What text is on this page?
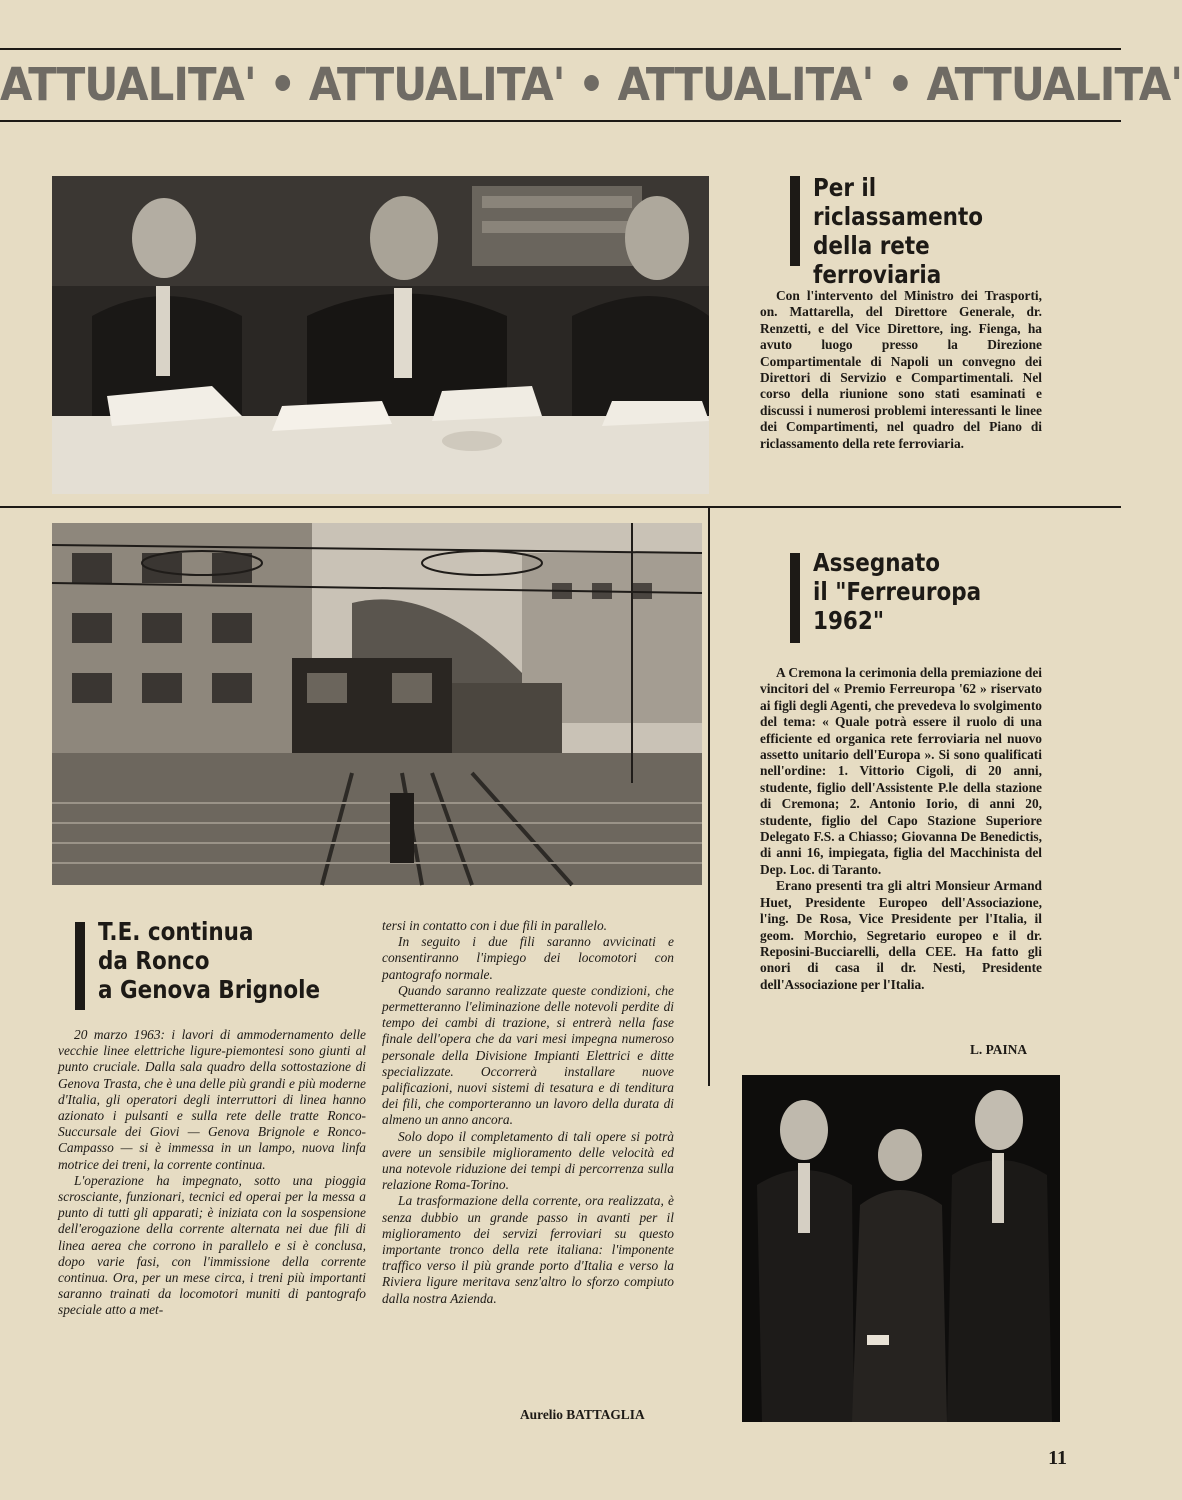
ATTUALITA' • ATTUALITA' • ATTUALITA' • ATTUALITA'
Per il riclassamento
della rete
ferroviaria

Con l'intervento del Ministro dei Trasporti, on. Mattarella, del Direttore Generale, dr. Renzetti, e del Vice Direttore, ing. Fienga, ha avuto luogo presso la Direzione Compartimentale di Napoli un convegno dei Direttori di Servizio e Compartimentali. Nel corso della riunione sono stati esaminati e discussi i numerosi problemi interessanti le linee dei Compartimenti, nel quadro del Piano di riclassamento della rete ferroviaria.

Assegnato
il "Ferreuropa
1962"

A Cremona la cerimonia della premiazione dei vincitori del « Premio Ferreuropa '62 » riservato ai figli degli Agenti, che prevedeva lo svolgimento del tema: « Quale potrà essere il ruolo di una efficiente ed organica rete ferroviaria nel nuovo assetto unitario dell'Europa ». Si sono qualificati nell'ordine: 1. Vittorio Cigoli, di 20 anni, studente, figlio dell'Assistente P.le della stazione di Cremona; 2. Antonio Iorio, di anni 20, studente, figlio del Capo Stazione Superiore Delegato F.S. a Chiasso; Giovanna De Benedictis, di anni 16, impiegata, figlia del Macchinista del Dep. Loc. di Taranto.

Erano presenti tra gli altri Monsieur Armand Huet, Presidente Europeo dell'Associazione, l'ing. De Rosa, Vice Presidente per l'Italia, il geom. Morchio, Segretario europeo e il dr. Reposini-Bucciarelli, della CEE. Ha fatto gli onori di casa il dr. Nesti, Presidente dell'Associazione per l'Italia.

L. PAINA
T.E. continua
da Ronco
a Genova Brignole

20 marzo 1963: i lavori di ammodernamento delle vecchie linee elettriche ligure-piemontesi sono giunti al punto cruciale. Dalla sala quadro della sottostazione di Genova Trasta, che è una delle più grandi e più moderne d'Italia, gli operatori degli interruttori di linea hanno azionato i pulsanti e sulla rete delle tratte Ronco-Succursale dei Giovi — Genova Brignole e Ronco-Campasso — si è immessa in un lampo, nuova linfa motrice dei treni, la corrente continua.

L'operazione ha impegnato, sotto una pioggia scrosciante, funzionari, tecnici ed operai per la messa a punto di tutti gli apparati; è iniziata con la sospensione dell'erogazione della corrente alternata nei due fili di linea aerea che corrono in parallelo e si è conclusa, dopo varie fasi, con l'immissione della corrente continua. Ora, per un mese circa, i treni più importanti saranno trainati da locomotori muniti di pantografo speciale atto a met-

tersi in contatto con i due fili in parallelo.

In seguito i due fili saranno avvicinati e consentiranno l'impiego dei locomotori con pantografo normale.

Quando saranno realizzate queste condizioni, che permetteranno l'eliminazione delle notevoli perdite di tempo dei cambi di trazione, si entrerà nella fase finale dell'opera che da vari mesi impegna numeroso personale della Divisione Impianti Elettrici e ditte specializzate. Occorrerà installare nuove palificazioni, nuovi sistemi di tesatura e di tenditura dei fili, che comporteranno un lavoro della durata di almeno un anno ancora.

Solo dopo il completamento di tali opere si potrà avere un sensibile miglioramento delle velocità ed una notevole riduzione dei tempi di percorrenza sulla relazione Roma-Torino.

La trasformazione della corrente, ora realizzata, è senza dubbio un grande passo in avanti per il miglioramento dei servizi ferroviari su questo importante tronco della rete italiana: l'imponente traffico verso il più grande porto d'Italia e verso la Riviera ligure meritava senz'altro lo sforzo compiuto dalla nostra Azienda.

Aurelio BATTAGLIA
11
